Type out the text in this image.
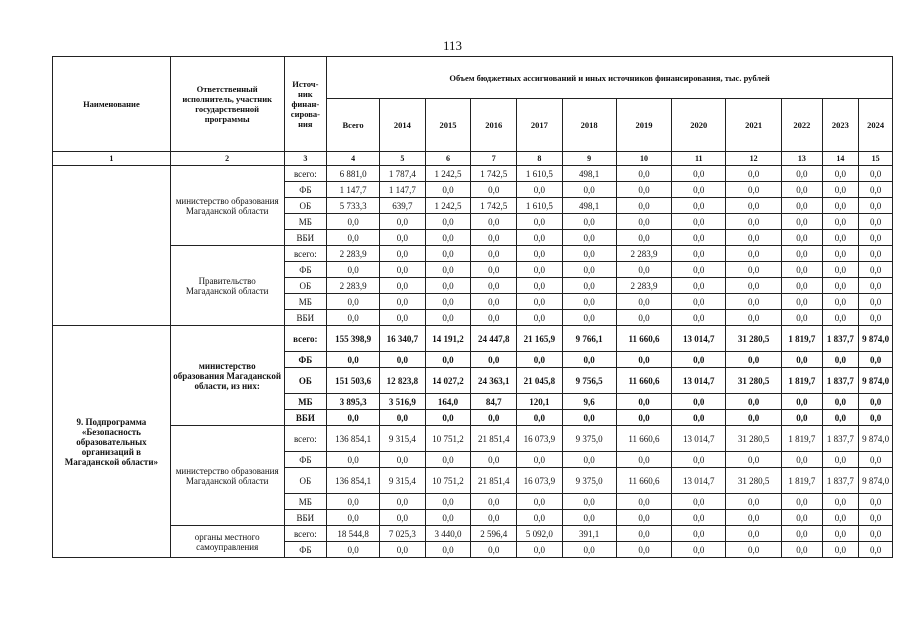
113
Наименование	Ответственный исполнитель, участник государственной программы	Источ-ник финан-сирова-ния	Объем бюджетных ассигнований и иных источников финансирования, тыс. рублей											
			Всего	2014	2015	2016	2017	2018	2019	2020	2021	2022	2023	2024
1	2	3	4	5	6	7	8	9	10	11	12	13	14	15
	министерство образования Магаданской области	всего:	6 881,0	1 787,4	1 242,5	1 742,5	1 610,5	498,1	0,0	0,0	0,0	0,0	0,0	0,0
		ФБ	1 147,7	1 147,7	0,0	0,0	0,0	0,0	0,0	0,0	0,0	0,0	0,0	0,0
		ОБ	5 733,3	639,7	1 242,5	1 742,5	1 610,5	498,1	0,0	0,0	0,0	0,0	0,0	0,0
		МБ	0,0	0,0	0,0	0,0	0,0	0,0	0,0	0,0	0,0	0,0	0,0	0,0
		ВБИ	0,0	0,0	0,0	0,0	0,0	0,0	0,0	0,0	0,0	0,0	0,0	0,0
	Правительство Магаданской области	всего:	2 283,9	0,0	0,0	0,0	0,0	0,0	2 283,9	0,0	0,0	0,0	0,0	0,0
		ФБ	0,0	0,0	0,0	0,0	0,0	0,0	0,0	0,0	0,0	0,0	0,0	0,0
		ОБ	2 283,9	0,0	0,0	0,0	0,0	0,0	2 283,9	0,0	0,0	0,0	0,0	0,0
		МБ	0,0	0,0	0,0	0,0	0,0	0,0	0,0	0,0	0,0	0,0	0,0	0,0
		ВБИ	0,0	0,0	0,0	0,0	0,0	0,0	0,0	0,0	0,0	0,0	0,0	0,0
9. Подпрограмма «Безопасность образовательных организаций в Магаданской области»	министерство образования Магаданской области, из них:	всего:	155 398,9	16 340,7	14 191,2	24 447,8	21 165,9	9 766,1	11 660,6	13 014,7	31 280,5	1 819,7	1 837,7	9 874,0
		ФБ	0,0	0,0	0,0	0,0	0,0	0,0	0,0	0,0	0,0	0,0	0,0	0,0
		ОБ	151 503,6	12 823,8	14 027,2	24 363,1	21 045,8	9 756,5	11 660,6	13 014,7	31 280,5	1 819,7	1 837,7	9 874,0
		МБ	3 895,3	3 516,9	164,0	84,7	120,1	9,6	0,0	0,0	0,0	0,0	0,0	0,0
		ВБИ	0,0	0,0	0,0	0,0	0,0	0,0	0,0	0,0	0,0	0,0	0,0	0,0
	министерство образования Магаданской области	всего:	136 854,1	9 315,4	10 751,2	21 851,4	16 073,9	9 375,0	11 660,6	13 014,7	31 280,5	1 819,7	1 837,7	9 874,0
		ФБ	0,0	0,0	0,0	0,0	0,0	0,0	0,0	0,0	0,0	0,0	0,0	0,0
		ОБ	136 854,1	9 315,4	10 751,2	21 851,4	16 073,9	9 375,0	11 660,6	13 014,7	31 280,5	1 819,7	1 837,7	9 874,0
		МБ	0,0	0,0	0,0	0,0	0,0	0,0	0,0	0,0	0,0	0,0	0,0	0,0
		ВБИ	0,0	0,0	0,0	0,0	0,0	0,0	0,0	0,0	0,0	0,0	0,0	0,0
	органы местного самоуправления	всего:	18 544,8	7 025,3	3 440,0	2 596,4	5 092,0	391,1	0,0	0,0	0,0	0,0	0,0	0,0
		ФБ	0,0	0,0	0,0	0,0	0,0	0,0	0,0	0,0	0,0	0,0	0,0	0,0
